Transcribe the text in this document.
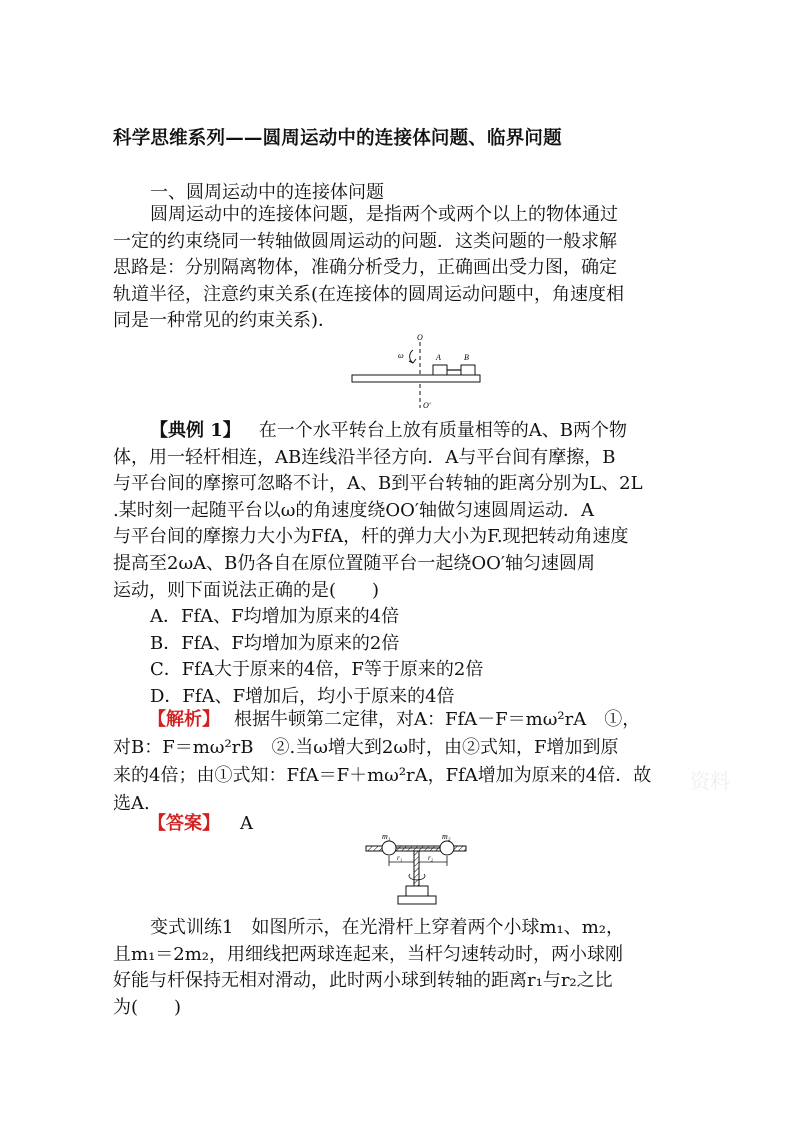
科学思维系列——圆周运动中的连接体问题、临界问题
一、圆周运动中的连接体问题
圆周运动中的连接体问题，是指两个或两个以上的物体通过
一定的约束绕同一转轴做圆周运动的问题．这类问题的一般求解
思路是：分别隔离物体，准确分析受力，正确画出受力图，确定
轨道半径，注意约束关系(在连接体的圆周运动问题中，角速度相
同是一种常见的约束关系)．
O
O′
ω	A	B
【典例 1】 在一个水平转台上放有质量相等的A、B两个物
体，用一轻杆相连，AB连线沿半径方向．A与平台间有摩擦，B
与平台间的摩擦可忽略不计，A、B到平台转轴的距离分别为L、2L
.某时刻一起随平台以ω的角速度绕OO′轴做匀速圆周运动．A
与平台间的摩擦力大小为FfA，杆的弹力大小为F.现把转动角速度
提高至2ωA、B仍各自在原位置随平台一起绕OO′轴匀速圆周
运动，则下面说法正确的是(　　)
A．FfA、F均增加为原来的4倍
B．FfA、F均增加为原来的2倍
C．FfA大于原来的4倍，F等于原来的2倍
D．FfA、F增加后，均小于原来的4倍
【解析】 根据牛顿第二定律，对A：FfA－F＝mω²rA　①，
对B：F＝mω²rB　②.当ω增大到2ω时，由②式知，F增加到原
来的4倍；由①式知：FfA＝F＋mω²rA，FfA增加为原来的4倍．故
选A.
【答案】 A
m₁	m₂
r₁	r₂
变式训练1　如图所示，在光滑杆上穿着两个小球m₁、m₂，
且m₁＝2m₂，用细线把两球连起来，当杆匀速转动时，两小球刚
好能与杆保持无相对滑动，此时两小球到转轴的距离r₁与r₂之比
为(　　)
资料
